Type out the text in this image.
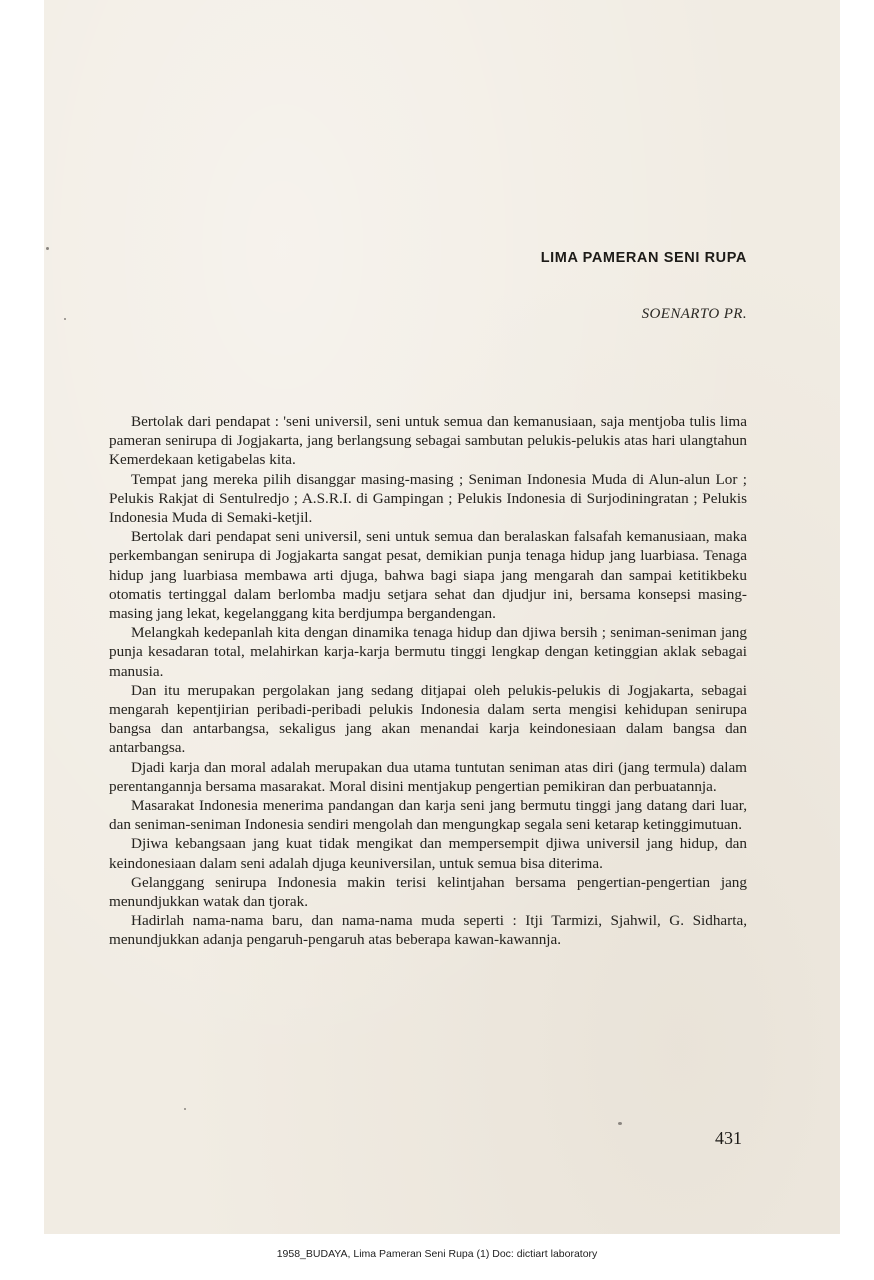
LIMA PAMERAN SENI RUPA

SOENARTO PR.

Bertolak dari pendapat : 'seni universil, seni untuk semua dan kemanusiaan, saja mentjoba tulis lima pameran senirupa di Jogjakarta, jang berlangsung sebagai sambutan pelukis-pelukis atas hari ulangtahun Kemerdekaan ketigabelas kita.

Tempat jang mereka pilih disanggar masing-masing ; Seniman Indonesia Muda di Alun-alun Lor ; Pelukis Rakjat di Sentulredjo ; A.S.R.I. di Gampingan ; Pelukis Indonesia di Surjodiningratan ; Pelukis Indonesia Muda di Semaki-ketjil.

Bertolak dari pendapat seni universil, seni untuk semua dan beralaskan falsafah kemanusiaan, maka perkembangan senirupa di Jogjakarta sangat pesat, demikian punja tenaga hidup jang luarbiasa. Tenaga hidup jang luarbiasa membawa arti djuga, bahwa bagi siapa jang mengarah dan sampai ketitikbeku otomatis tertinggal dalam berlomba madju setjara sehat dan djudjur ini, bersama konsepsi masing-masing jang lekat, kegelanggang kita berdjumpa bergandengan.

Melangkah kedepanlah kita dengan dinamika tenaga hidup dan djiwa bersih ; seniman-seniman jang punja kesadaran total, melahirkan karja-karja bermutu tinggi lengkap dengan ketinggian aklak sebagai manusia.

Dan itu merupakan pergolakan jang sedang ditjapai oleh pelukis-pelukis di Jogjakarta, sebagai mengarah kepentjirian peribadi-peribadi pelukis Indonesia dalam serta mengisi kehidupan senirupa bangsa dan antarbangsa, sekaligus jang akan menandai karja keindonesiaan dalam bangsa dan antarbangsa.

Djadi karja dan moral adalah merupakan dua utama tuntutan seniman atas diri (jang termula) dalam perentangannja bersama masarakat. Moral disini mentjakup pengertian pemikiran dan perbuatannja.

Masarakat Indonesia menerima pandangan dan karja seni jang bermutu tinggi jang datang dari luar, dan seniman-seniman Indonesia sendiri mengolah dan mengungkap segala seni ketarap ketinggimutuan.

Djiwa kebangsaan jang kuat tidak mengikat dan mempersempit djiwa universil jang hidup, dan keindonesiaan dalam seni adalah djuga keuniversilan, untuk semua bisa diterima.

Gelanggang senirupa Indonesia makin terisi kelintjahan bersama pengertian-pengertian jang menundjukkan watak dan tjorak.

Hadirlah nama-nama baru, dan nama-nama muda seperti : Itji Tarmizi, Sjahwil, G. Sidharta, menundjukkan adanja pengaruh-pengaruh atas beberapa kawan-kawannja.

431

1958_BUDAYA, Lima Pameran Seni Rupa (1) Doc: dictiart laboratory
